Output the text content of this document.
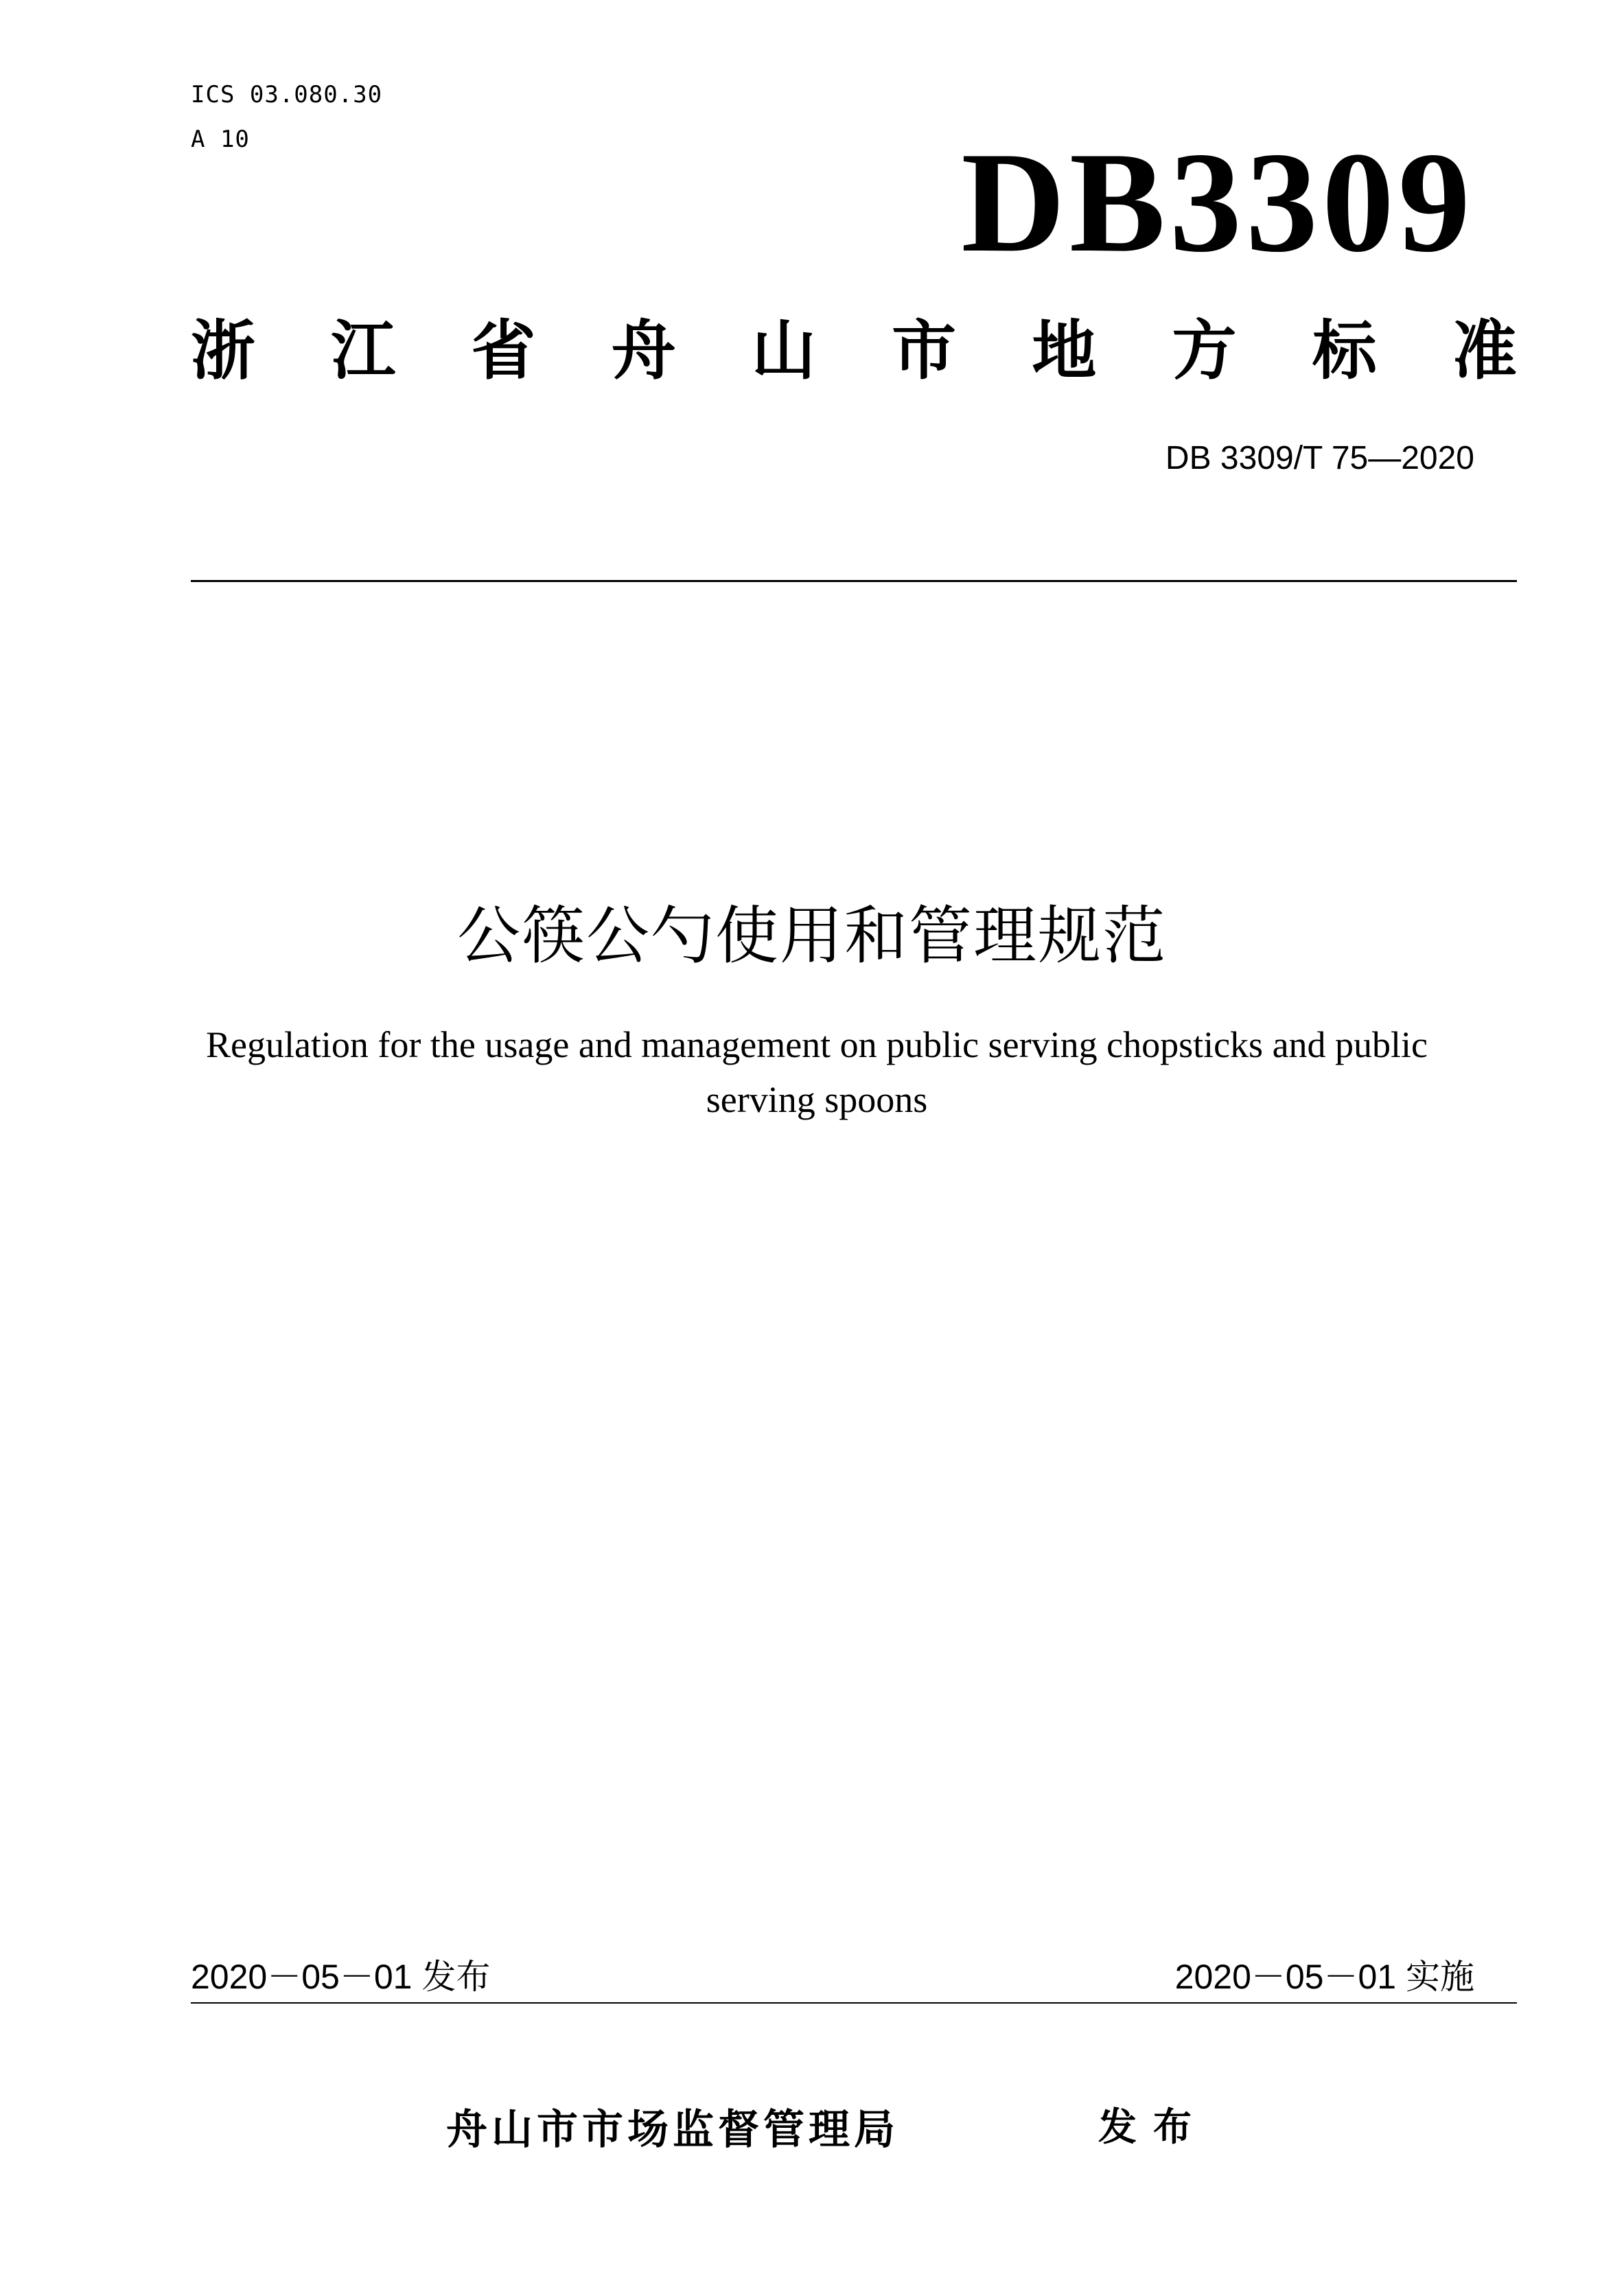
ICS 03.080.30
A 10	DB3309
浙 江 省 舟 山 市 地 方 标 准
DB 3309/T 75—2020
公筷公勺使用和管理规范
Regulation for the usage and management on public serving chopsticks and public
serving spoons
2020－05－01 发布	2020－05－01 实施
舟山市市场监督管理局	发布
